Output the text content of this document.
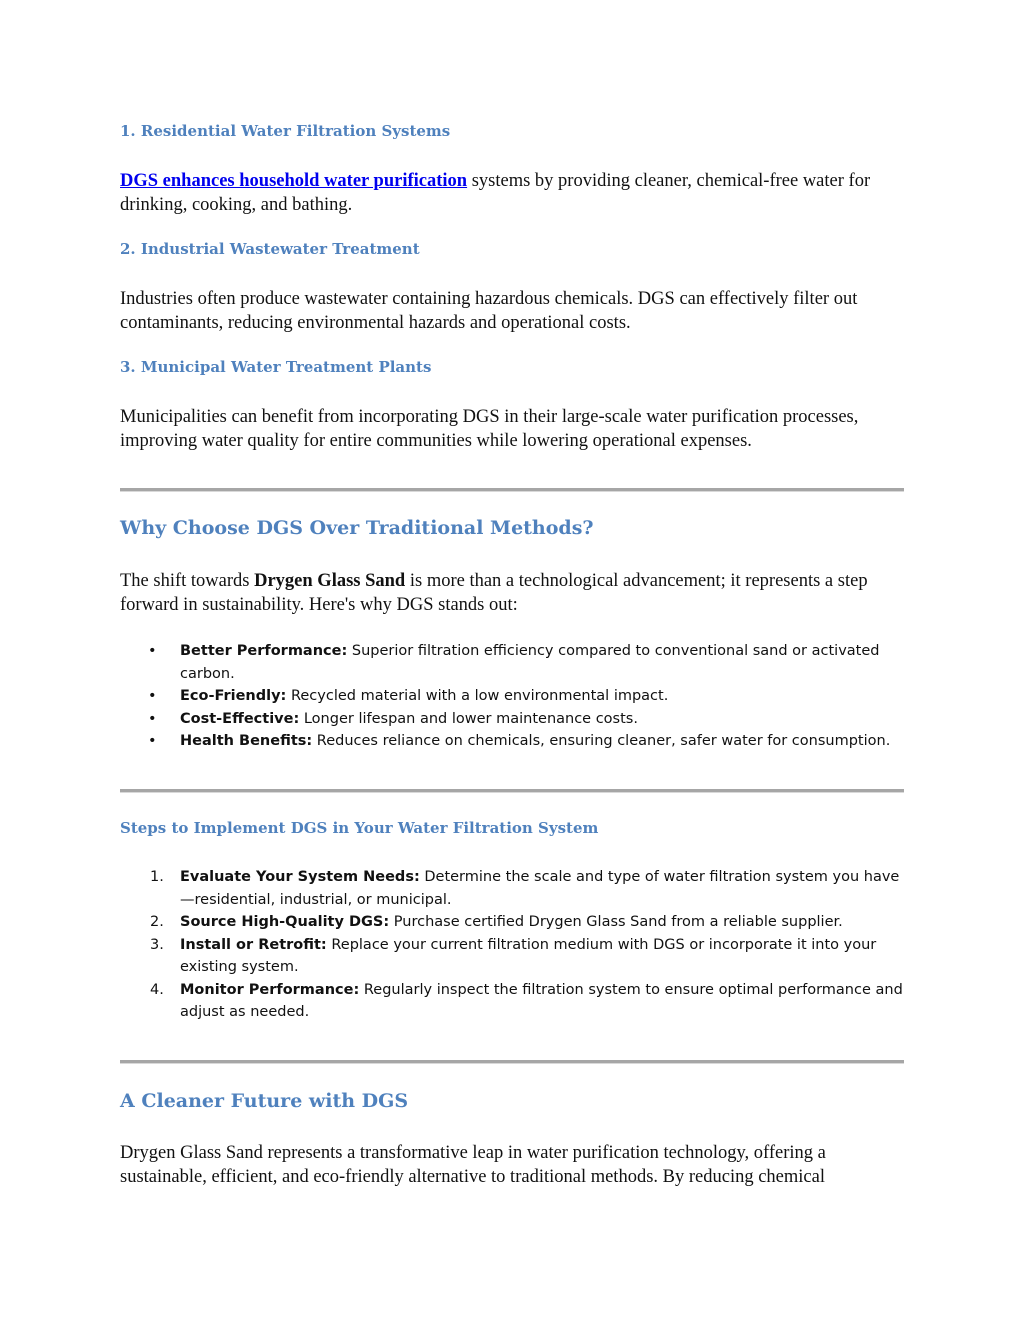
1. Residential Water Filtration Systems
DGS enhances household water purification systems by providing cleaner, chemical-free water for drinking, cooking, and bathing.
2. Industrial Wastewater Treatment
Industries often produce wastewater containing hazardous chemicals. DGS can effectively filter out contaminants, reducing environmental hazards and operational costs.
3. Municipal Water Treatment Plants
Municipalities can benefit from incorporating DGS in their large-scale water purification processes, improving water quality for entire communities while lowering operational expenses.
Why Choose DGS Over Traditional Methods?
The shift towards Drygen Glass Sand is more than a technological advancement; it represents a step forward in sustainability. Here's why DGS stands out:
• Better Performance: Superior filtration efficiency compared to conventional sand or activated carbon.
• Eco-Friendly: Recycled material with a low environmental impact.
• Cost-Effective: Longer lifespan and lower maintenance costs.
• Health Benefits: Reduces reliance on chemicals, ensuring cleaner, safer water for consumption.
Steps to Implement DGS in Your Water Filtration System
1. Evaluate Your System Needs: Determine the scale and type of water filtration system you have—residential, industrial, or municipal.
2. Source High-Quality DGS: Purchase certified Drygen Glass Sand from a reliable supplier.
3. Install or Retrofit: Replace your current filtration medium with DGS or incorporate it into your existing system.
4. Monitor Performance: Regularly inspect the filtration system to ensure optimal performance and adjust as needed.
A Cleaner Future with DGS
Drygen Glass Sand represents a transformative leap in water purification technology, offering a sustainable, efficient, and eco-friendly alternative to traditional methods. By reducing chemical
